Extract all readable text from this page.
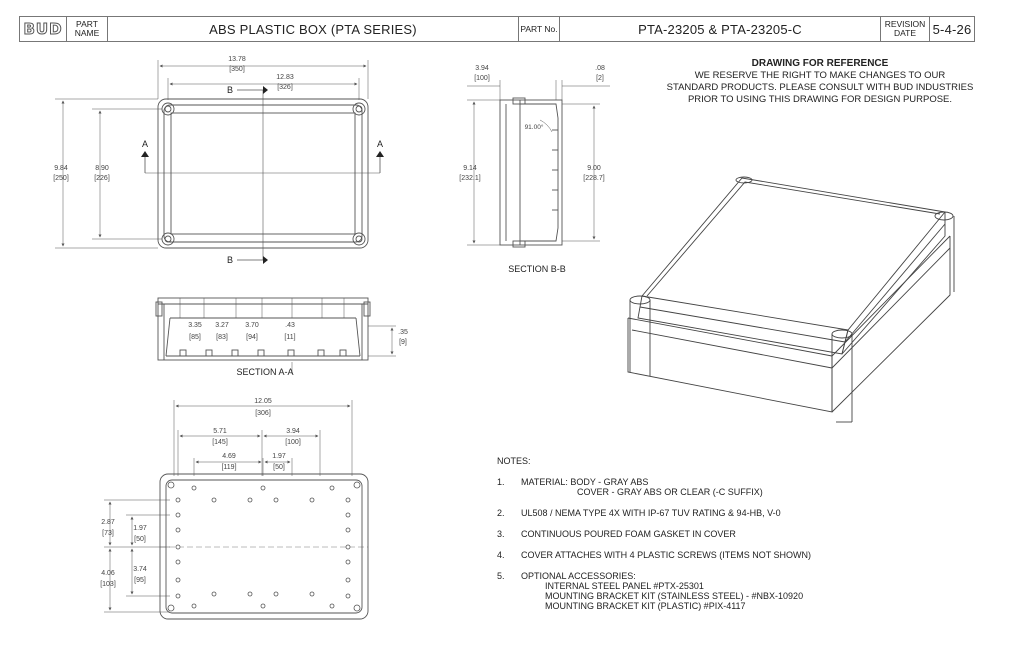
BUD	PART NAME	ABS PLASTIC BOX (PTA SERIES)	PART No.	PTA-23205 & PTA-23205-C	REVISION DATE	5-4-26
13.78
[350]
12.83
[326]
9.84
[250]
8.90
[226]
B
B
A	A
3.94
[100]
.08
[2]
91.00°
9.14
[232.1]
9.00
[228.7]
SECTION B-B
3.35
[85]
3.27
[83]
3.70
[94]
.43
[11]
.35
[9]
SECTION A-A
12.05
[306]
5.71
[145]
3.94
[100]
4.69
[119]
1.97
[50]
2.87
[73]
1.97
[50]
4.06
[103]
3.74
[95]
DRAWING FOR REFERENCE
WE RESERVE THE RIGHT TO MAKE CHANGES TO OUR
STANDARD PRODUCTS. PLEASE CONSULT WITH BUD INDUSTRIES
PRIOR TO USING THIS DRAWING FOR DESIGN PURPOSE.
NOTES:
1.	MATERIAL: BODY - GRAY ABS
COVER - GRAY ABS OR CLEAR (-C SUFFIX)
2.	UL508 / NEMA TYPE 4X WITH IP-67 TUV RATING & 94-HB, V-0
3.	CONTINUOUS POURED FOAM GASKET IN COVER
4.	COVER ATTACHES WITH 4 PLASTIC SCREWS (ITEMS NOT SHOWN)
5.	OPTIONAL ACCESSORIES:
INTERNAL STEEL PANEL #PTX-25301
MOUNTING BRACKET KIT (STAINLESS STEEL) - #NBX-10920
MOUNTING BRACKET KIT (PLASTIC) #PIX-4117
